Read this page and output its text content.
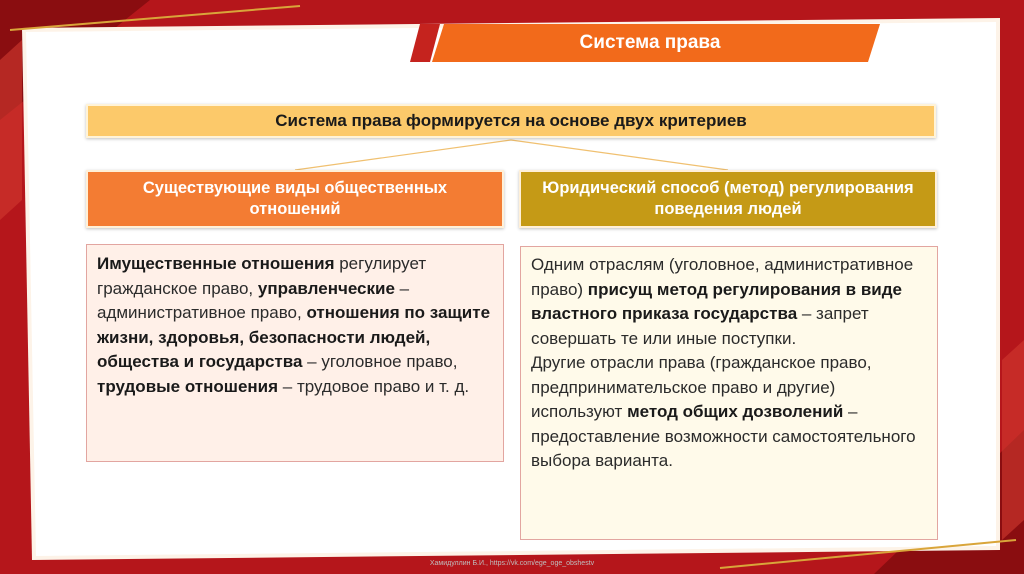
Система права
Система права формируется на основе двух критериев
Существующие виды общественных отношений
Юридический способ (метод) регулирования поведения людей
Имущественные отношения регулирует гражданское право, управленческие – административное право, отношения по защите жизни, здоровья, безопасности людей, общества и государства – уголовное право, трудовые отношения – трудовое право и т. д.
Одним отраслям (уголовное, административное право) присущ метод регулирования в виде властного приказа государства – запрет совершать те или иные поступки.
Другие отрасли права (гражданское право, предпринимательское право и другие) используют метод общих дозволений – предоставление возможности самостоятельного выбора варианта.
Хамидуллин Б.И., https://vk.com/ege_oge_obshestv
